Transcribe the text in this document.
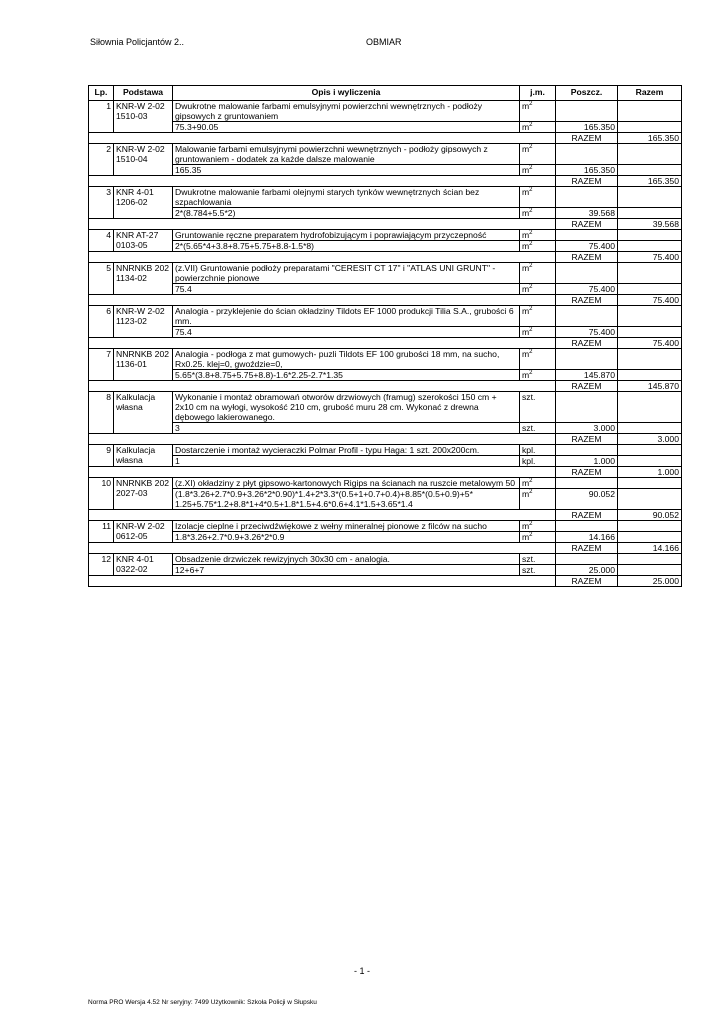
Siłownia Policjantów 2..	OBMIAR
Lp.	Podstawa	Opis i wyliczenia	j.m.	Poszcz.	Razem
1	KNR-W 2-02 1510-03	Dwukrotne malowanie farbami emulsyjnymi powierzchni wewnętrznych - podłoży gipsowych z gruntowaniem	$m^2$		
		75.3+90.05	$m^2$	165.350	
				RAZEM	165.350
2	KNR-W 2-02 1510-04	Malowanie farbami emulsyjnymi powierzchni wewnętrznych - podłoży gipsowych z gruntowaniem - dodatek za każde dalsze malowanie	$m^2$		
		165.35	$m^2$	165.350	
				RAZEM	165.350
3	KNR 4-01 1206-02	Dwukrotne malowanie farbami olejnymi starych tynków wewnętrznych ścian bez szpachlowania	$m^2$		
		2*(8.784+5.5*2)	$m^2$	39.568	
				RAZEM	39.568
4	KNR AT-27 0103-05	Gruntowanie ręczne preparatem hydrofobizującym i poprawiającym przyczepność	$m^2$		
		2*(5.65*4+3.8+8.75+5.75+8.8-1.5*8)	$m^2$	75.400	
				RAZEM	75.400
5	NNRNKB 202 1134-02	(z.VII) Gruntowanie podłoży preparatami "CERESIT CT 17" i "ATLAS UNI GRUNT" - powierzchnie pionowe	$m^2$		
		75.4	$m^2$	75.400	
				RAZEM	75.400
6	KNR-W 2-02 1123-02	Analogia - przyklejenie do ścian okładziny Tildots EF 1000 produkcji Tilia S.A., grubości 6 mm.	$m^2$		
		75.4	$m^2$	75.400	
				RAZEM	75.400
7	NNRNKB 202 1136-01	Analogia - podłoga z mat gumowych- puzli Tildots EF 100 grubości 18 mm, na sucho, Rx0.25. klej=0, gwoździe=0,	$m^2$		
		5.65*(3.8+8.75+5.75+8.8)-1.6*2.25-2.7*1.35	$m^2$	145.870	
				RAZEM	145.870
8	Kalkulacja własna	Wykonanie i montaż obramowań otworów drzwiowych (framug) szerokości 150 cm + 2x10 cm na wyłogi, wysokość 210 cm, grubość muru 28 cm. Wykonać z drewna dębowego lakierowanego.	szt.		
		3	szt.	3.000	
				RAZEM	3.000
9	Kalkulacja własna	Dostarczenie i montaż wycieraczki Polmar Profil - typu Haga: 1 szt. 200x200cm.	kpl.		
		1	kpl.	1.000	
				RAZEM	1.000
10	NNRNKB 202 2027-03	(z.XI) okładziny z płyt gipsowo-kartonowych Rigips na ścianach na ruszcie metalowym 50	$m^2$		
		(1.8*3.26+2.7*0.9+3.26*2*0.90)*1.4+2*3.3*(0.5+1+0.7+0.4)+8.85*(0.5+0.9)+5* 1.25+5.75*1.2+8.8*1+4*0.5+1.8*1.5+4.6*0.6+4.1*1.5+3.65*1.4	$m^2$	90.052	
				RAZEM	90.052
11	KNR-W 2-02 0612-05	Izolacje cieplne i przeciwdźwiękowe z wełny mineralnej pionowe z filców na sucho	$m^2$		
		1.8*3.26+2.7*0.9+3.26*2*0.9	$m^2$	14.166	
				RAZEM	14.166
12	KNR 4-01 0322-02	Obsadzenie drzwiczek rewizyjnych 30x30 cm - analogia.	szt.		
		12+6+7	szt.	25.000	
				RAZEM	25.000
- 1 -
Norma PRO Wersja 4.52 Nr seryjny: 7499 Użytkownik: Szkoła Policji w Słupsku
